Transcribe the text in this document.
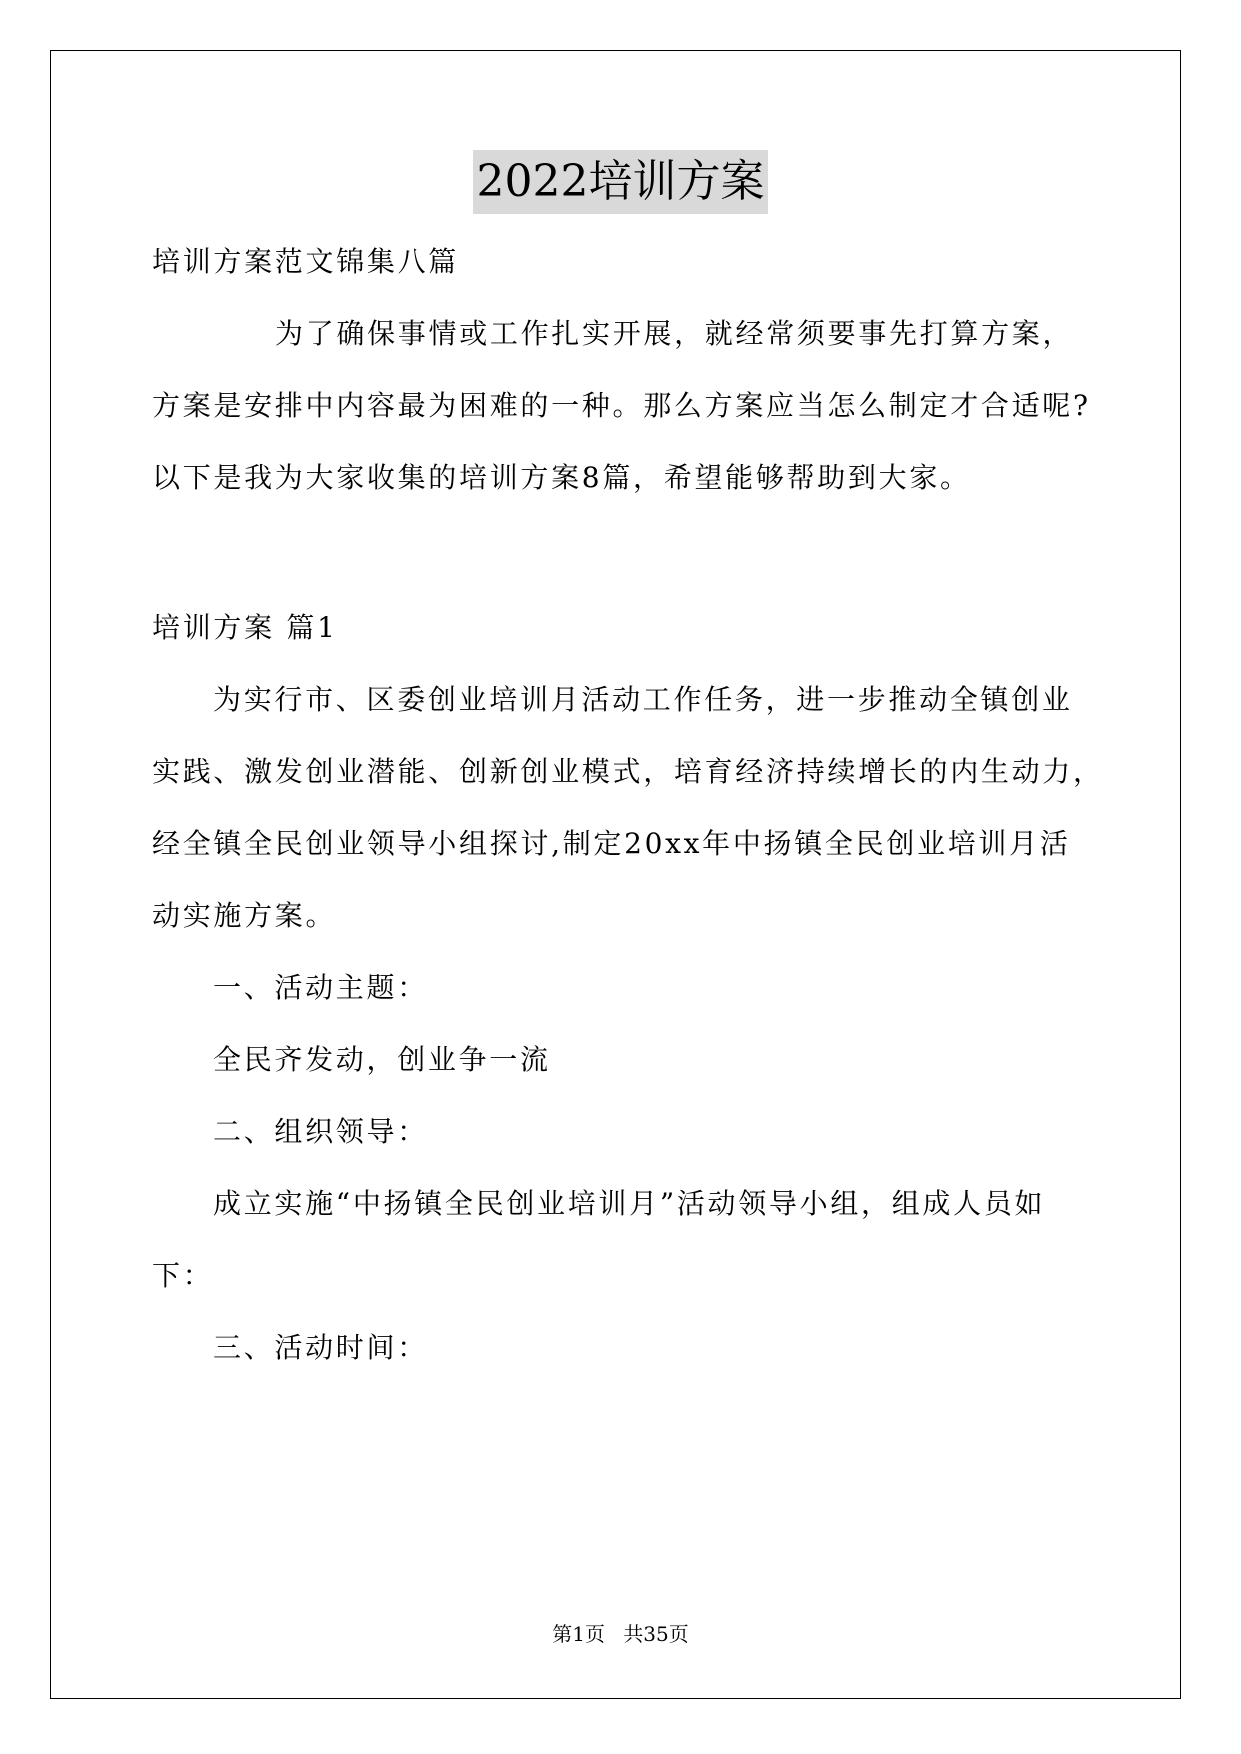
2022培训方案
培训方案范文锦集八篇
为了确保事情或工作扎实开展，就经常须要事先打算方案，
方案是安排中内容最为困难的一种。那么方案应当怎么制定才合适呢?
以下是我为大家收集的培训方案8篇，希望能够帮助到大家。
培训方案 篇1
为实行市、区委创业培训月活动工作任务，进一步推动全镇创业
实践、激发创业潜能、创新创业模式，培育经济持续增长的内生动力，
经全镇全民创业领导小组探讨,制定20xx年中扬镇全民创业培训月活
动实施方案。
一、活动主题：
全民齐发动，创业争一流
二、组织领导：
成立实施“中扬镇全民创业培训月”活动领导小组，组成人员如
下：
三、活动时间：
第1页 共35页
